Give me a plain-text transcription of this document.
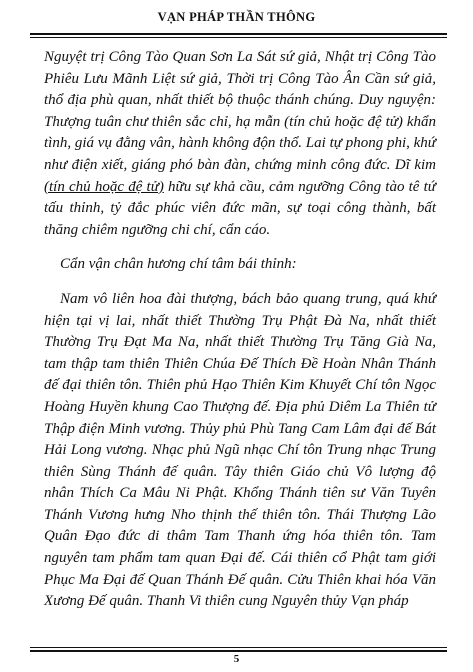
VẠN PHÁP THẦN THÔNG

Nguyệt trị Công Tào Quan Sơn La Sát sứ giả, Nhật trị Công Tào Phiêu Lưu Mãnh Liệt sứ giả, Thời trị Công Tào Ân Cần sứ giả, thổ địa phù quan, nhất thiết bộ thuộc thánh chúng. Duy nguyện: Thượng tuân chư thiên sắc chỉ, hạ mẫn (tín chủ hoặc đệ tử) khẩn tình, giá vụ đằng vân, hành không độn thổ. Lai tự phong phi, khứ như điện xiết, giáng phó bàn đàn, chứng minh công đức. Dĩ kim (tín chủ hoặc đệ tử) hữu sự khả cầu, cảm ngưỡng Công tào tê tứ tấu thỉnh, tỷ đắc phúc viên đức mãn, sự toại công thành, bất thăng chiêm ngưỡng chi chí, cẩn cáo.

Cẩn vận chân hương chí tâm bái thỉnh:

Nam vô liên hoa đài thượng, bách bảo quang trung, quá khứ hiện tại vị lai, nhất thiết Thường Trụ Phật Đà Na, nhất thiết Thường Trụ Đạt Ma Na, nhất thiết Thường Trụ Tăng Già Na, tam thập tam thiên Thiên Chúa Đế Thích Đề Hoàn Nhân Thánh đế đại thiên tôn. Thiên phủ Hạo Thiên Kim Khuyết Chí tôn Ngọc Hoàng Huyền khung Cao Thượng đế. Địa phủ Diêm La Thiên tử Thập điện Minh vương. Thủy phủ Phù Tang Cam Lâm đại đế Bát Hải Long vương. Nhạc phủ Ngũ nhạc Chí tôn Trung nhạc Trung thiên Sùng Thánh đế quân. Tây thiên Giáo chủ Vô lượng độ nhân Thích Ca Mâu Ni Phật. Khổng Thánh tiên sư Văn Tuyên Thánh Vương hưng Nho thịnh thế thiên tôn. Thái Thượng Lão Quân Đạo đức di thâm Tam Thanh ứng hóa thiên tôn. Tam nguyên tam phẩm tam quan Đại đế. Cái thiên cổ Phật tam giới Phục Ma Đại đế Quan Thánh Đế quân. Cửu Thiên khai hóa Văn Xương Đế quân. Thanh Vi thiên cung Nguyên thủy Vạn pháp

5
